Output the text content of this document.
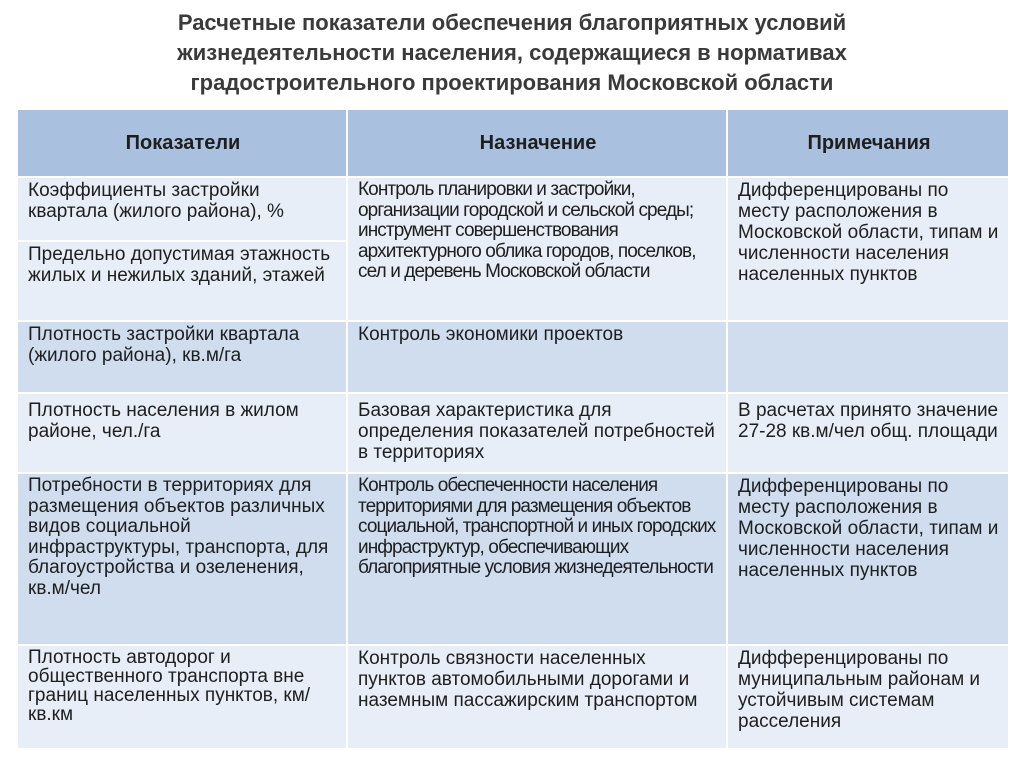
Расчетные показатели обеспечения благоприятных условий
жизнедеятельности населения, содержащиеся в нормативах
градостроительного проектирования Московской области
Показатели	Назначение	Примечания
Коэффициенты застройки квартала (жилого района), %	Контроль планировки и застройки, организации городской и сельской среды; инструмент совершенствования архитектурного облика городов, поселков, сел и деревень Московской области	Дифференцированы по месту расположения в Московской области, типам и численности населения населенных пунктов
Предельно допустимая этажность жилых и нежилых зданий, этажей		
Плотность застройки квартала (жилого района), кв.м/га	Контроль экономики проектов	
Плотность населения в жилом районе, чел./га	Базовая характеристика для определения показателей потребностей в территориях	В расчетах принято значение 27-28 кв.м/чел общ. площади
Потребности в территориях для размещения объектов различных видов социальной инфраструктуры, транспорта, для благоустройства и озеленения, кв.м/чел	Контроль обеспеченности населения территориями для размещения объектов социальной, транспортной и иных городских инфраструктур, обеспечивающих благоприятные условия жизнедеятельности	Дифференцированы по месту расположения в Московской области, типам и численности населения населенных пунктов
Плотность автодорог и общественного транспорта вне границ населенных пунктов, км/кв.км	Контроль связности населенных пунктов автомобильными дорогами и наземным пассажирским транспортом	Дифференцированы по муниципальным районам и устойчивым системам расселения
